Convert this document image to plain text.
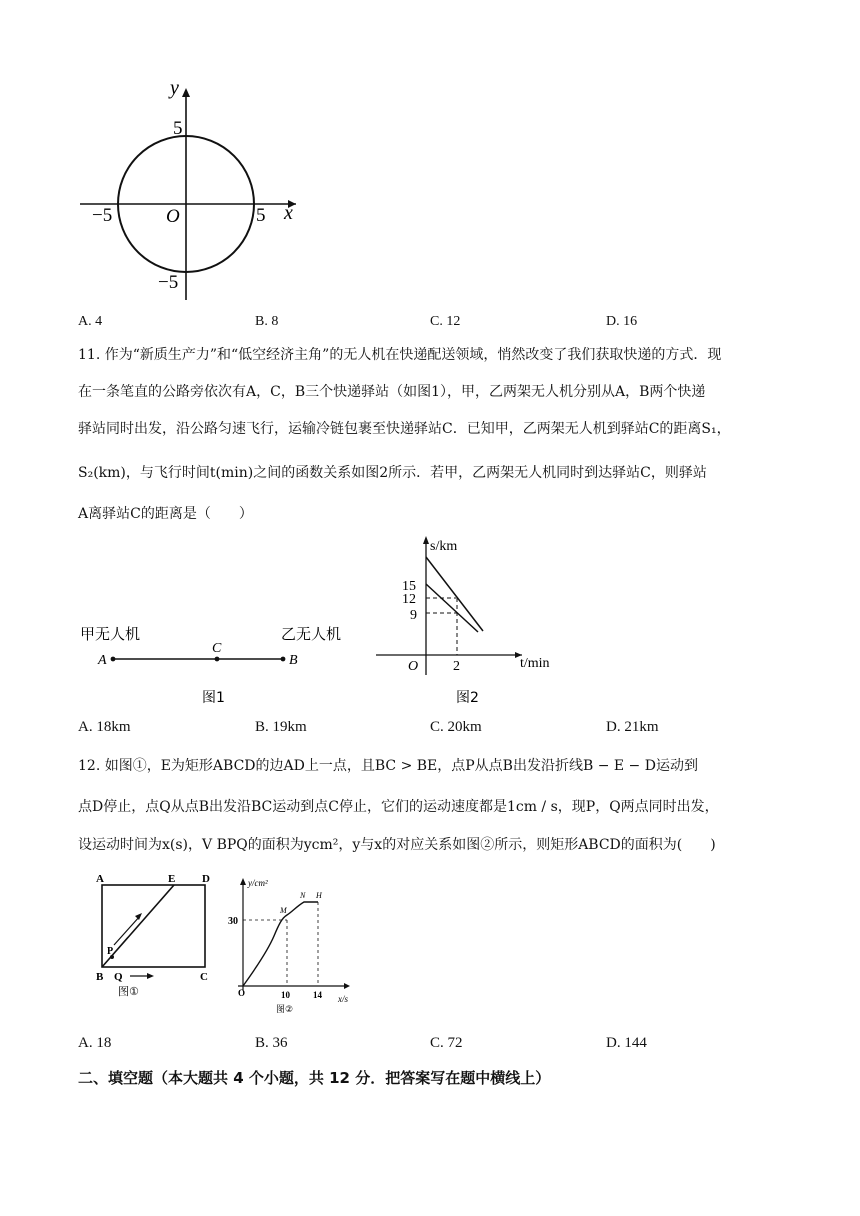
y
x
5
−5
−5	5
O
A. 4	B. 8	C. 12	D. 16
11. 作为“新质生产力”和“低空经济主角”的无人机在快递配送领域，悄然改变了我们获取快递的方式．现
在一条笔直的公路旁依次有A，C，B三个快递驿站（如图1），甲，乙两架无人机分别从A，B两个快递
驿站同时出发，沿公路匀速飞行，运输冷链包裹至快递驿站C．已知甲，乙两架无人机到驿站C的距离S₁，
S₂(km)，与飞行时间t(min)之间的函数关系如图2所示．若甲，乙两架无人机同时到达驿站C，则驿站
A离驿站C的距离是（　　）
甲无人机	乙无人机
A
C
B
图1
s/km
t/min
O
15
12
9
2
图2
A. 18km	B. 19km	C. 20km	D. 21km
12. 如图①，E为矩形ABCD的边AD上一点，且BC > BE，点P从点B出发沿折线B − E − D运动到
点D停止，点Q从点B出发沿BC运动到点C停止，它们的运动速度都是1cm / s，现P，Q两点同时出发，
设运动时间为x(s)，V BPQ的面积为ycm²，y与x的对应关系如图②所示，则矩形ABCD的面积为(　　)
A	E D
B	C
P
Q
图①
y/cm²
x/s
O
30
10	14
M
N H
图②
A. 18	B. 36	C. 72	D. 144
二、填空题（本大题共 4 个小题，共 12 分．把答案写在题中横线上）
